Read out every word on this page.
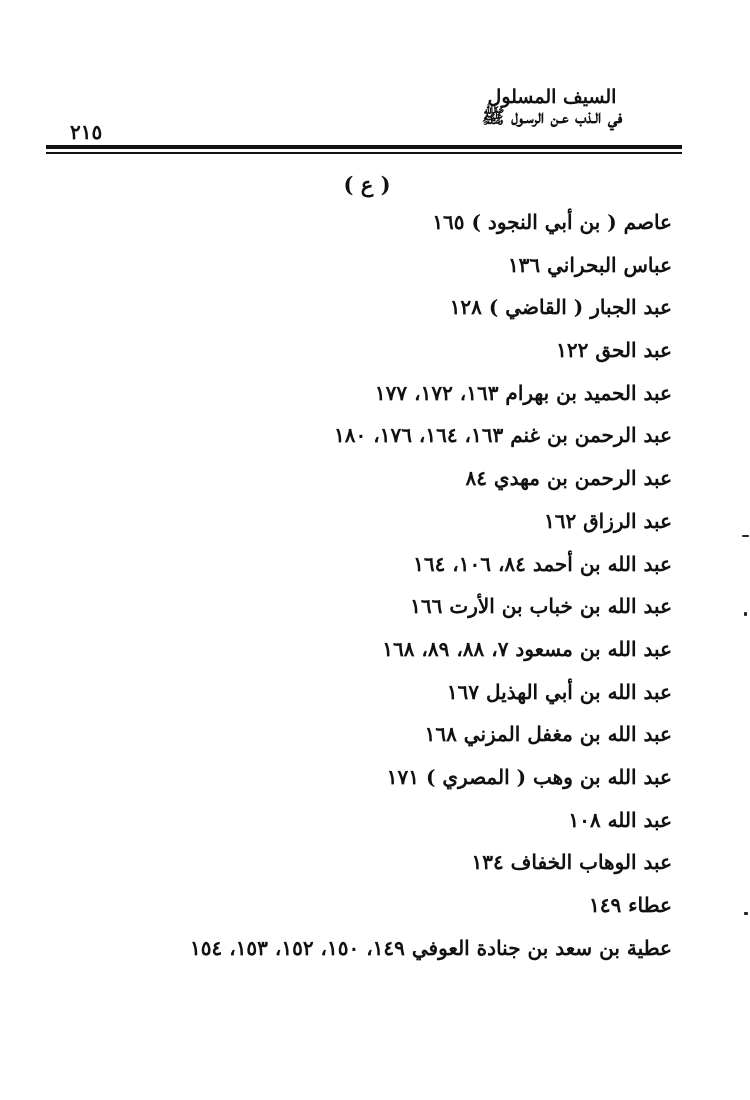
السيف المسلول
في الـذب عـن الرسـول ﷺ
٢١٥
( ع )
عاصم ( بن أبي النجود ) ١٦٥
عباس البحراني ١٣٦
عبد الجبار ( القاضي ) ١٢٨
عبد الحق ١٢٢
عبد الحميد بن بهرام ١٦٣، ١٧٢، ١٧٧
عبد الرحمن بن غنم ١٦٣، ١٦٤، ١٧٦، ١٨٠
عبد الرحمن بن مهدي ٨٤
عبد الرزاق ١٦٢
عبد الله بن أحمد ٨٤، ١٠٦، ١٦٤
عبد الله بن خباب بن الأرت ١٦٦
عبد الله بن مسعود ٧، ٨٨، ٨٩، ١٦٨
عبد الله بن أبي الهذيل ١٦٧
عبد الله بن مغفل المزني ١٦٨
عبد الله بن وهب ( المصري ) ١٧١
عبد الله ١٠٨
عبد الوهاب الخفاف ١٣٤
عطاء ١٤٩
عطية بن سعد بن جنادة العوفي ١٤٩، ١٥٠، ١٥٢، ١٥٣، ١٥٤
